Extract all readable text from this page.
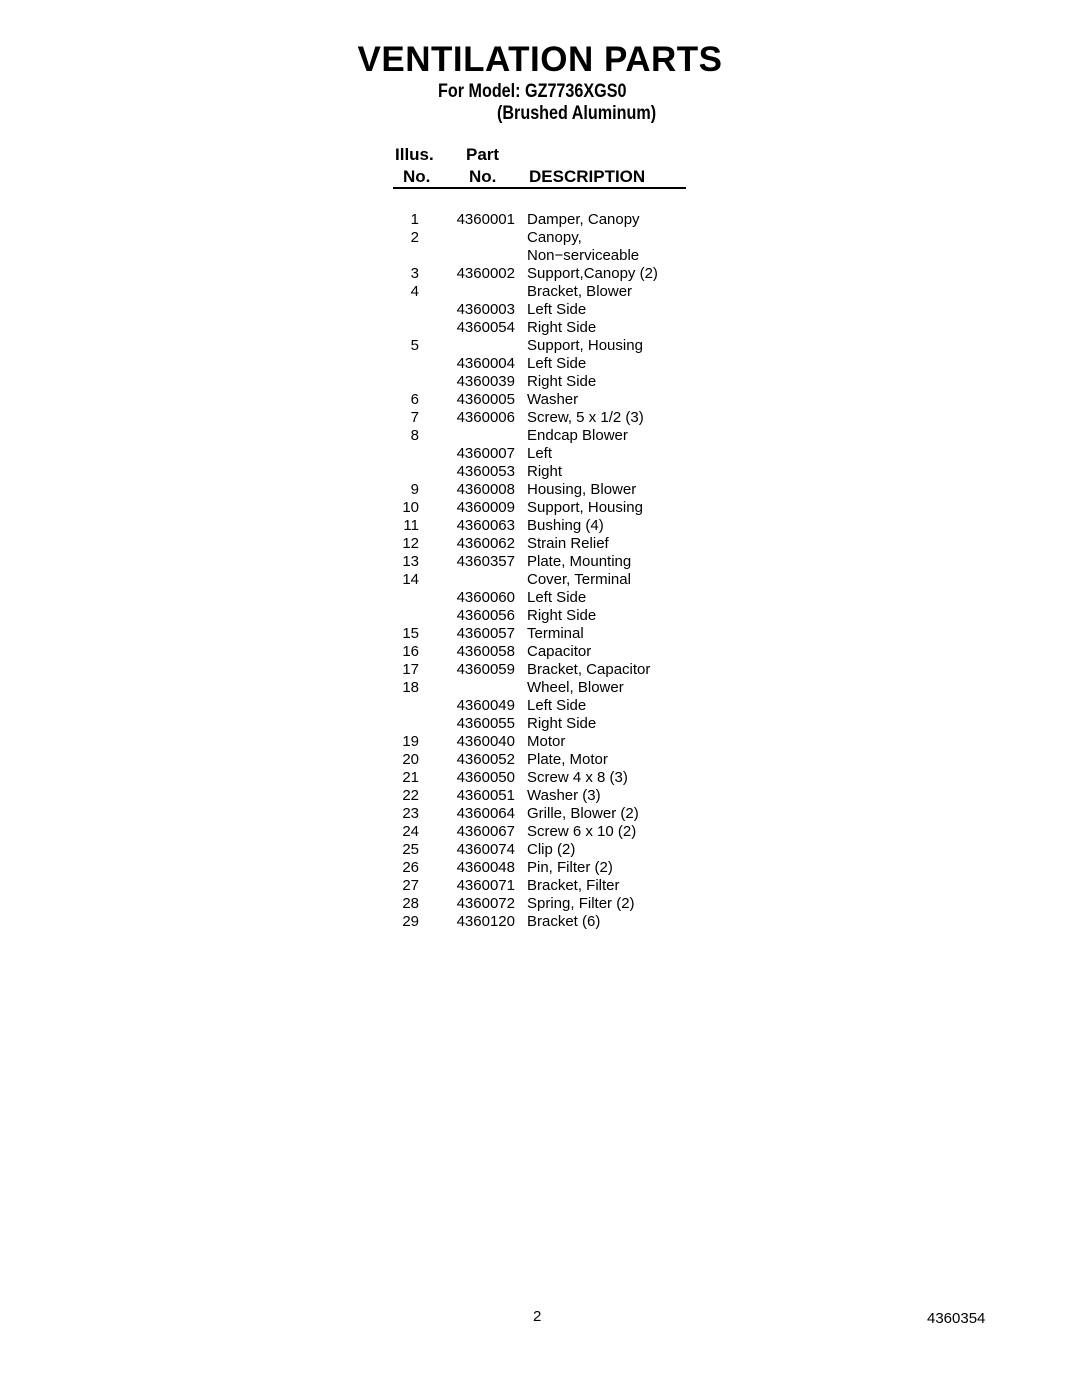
VENTILATION PARTS
For Model: GZ7736XGS0
(Brushed Aluminum)
Illus.
No.
Part
No. DESCRIPTION
1	4360001 Damper, Canopy
2	Canopy,
Non−serviceable
3	4360002 Support,Canopy (2)
4	Bracket, Blower
4360003 Left Side
4360054 Right Side
5	Support, Housing
4360004 Left Side
4360039 Right Side
6	4360005 Washer
7	4360006 Screw, 5 x 1/2 (3)
8	Endcap Blower
4360007 Left
4360053 Right
9	4360008 Housing, Blower
10	4360009 Support, Housing
11	4360063 Bushing (4)
12	4360062 Strain Relief
13	4360357 Plate, Mounting
14	Cover, Terminal
4360060 Left Side
4360056 Right Side
15	4360057 Terminal
16	4360058 Capacitor
17	4360059 Bracket, Capacitor
18	Wheel, Blower
4360049 Left Side
4360055 Right Side
19	4360040 Motor
20	4360052 Plate, Motor
21	4360050 Screw 4 x 8 (3)
22	4360051 Washer (3)
23	4360064 Grille, Blower (2)
24	4360067 Screw 6 x 10 (2)
25	4360074 Clip (2)
26	4360048 Pin, Filter (2)
27	4360071 Bracket, Filter
28	4360072 Spring, Filter (2)
29	4360120 Bracket (6)
2	4360354
